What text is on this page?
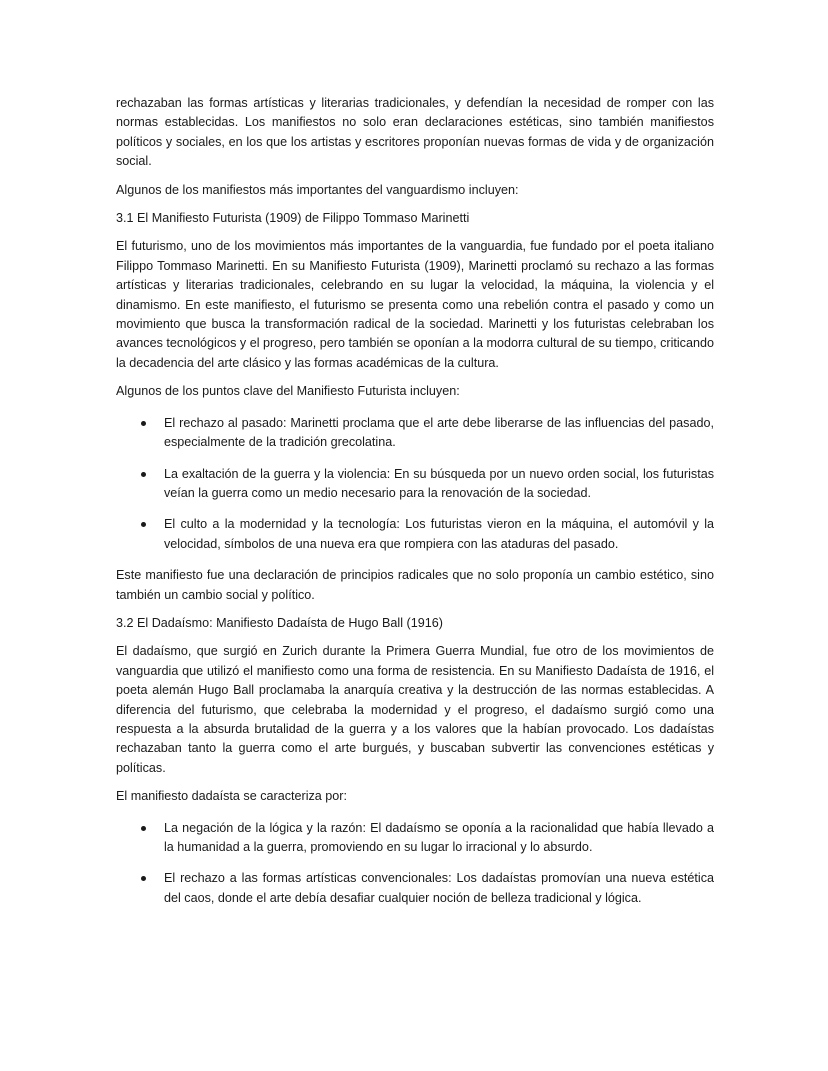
rechazaban las formas artísticas y literarias tradicionales, y defendían la necesidad de romper con las normas establecidas. Los manifiestos no solo eran declaraciones estéticas, sino también manifiestos políticos y sociales, en los que los artistas y escritores proponían nuevas formas de vida y de organización social.

Algunos de los manifiestos más importantes del vanguardismo incluyen:

3.1 El Manifiesto Futurista (1909) de Filippo Tommaso Marinetti

El futurismo, uno de los movimientos más importantes de la vanguardia, fue fundado por el poeta italiano Filippo Tommaso Marinetti. En su Manifiesto Futurista (1909), Marinetti proclamó su rechazo a las formas artísticas y literarias tradicionales, celebrando en su lugar la velocidad, la máquina, la violencia y el dinamismo. En este manifiesto, el futurismo se presenta como una rebelión contra el pasado y como un movimiento que busca la transformación radical de la sociedad. Marinetti y los futuristas celebraban los avances tecnológicos y el progreso, pero también se oponían a la modorra cultural de su tiempo, criticando la decadencia del arte clásico y las formas académicas de la cultura.

Algunos de los puntos clave del Manifiesto Futurista incluyen:

El rechazo al pasado: Marinetti proclama que el arte debe liberarse de las influencias del pasado, especialmente de la tradición grecolatina.
La exaltación de la guerra y la violencia: En su búsqueda por un nuevo orden social, los futuristas veían la guerra como un medio necesario para la renovación de la sociedad.
El culto a la modernidad y la tecnología: Los futuristas vieron en la máquina, el automóvil y la velocidad, símbolos de una nueva era que rompiera con las ataduras del pasado.

Este manifiesto fue una declaración de principios radicales que no solo proponía un cambio estético, sino también un cambio social y político.

3.2 El Dadaísmo: Manifiesto Dadaísta de Hugo Ball (1916)

El dadaísmo, que surgió en Zurich durante la Primera Guerra Mundial, fue otro de los movimientos de vanguardia que utilizó el manifiesto como una forma de resistencia. En su Manifiesto Dadaísta de 1916, el poeta alemán Hugo Ball proclamaba la anarquía creativa y la destrucción de las normas establecidas. A diferencia del futurismo, que celebraba la modernidad y el progreso, el dadaísmo surgió como una respuesta a la absurda brutalidad de la guerra y a los valores que la habían provocado. Los dadaístas rechazaban tanto la guerra como el arte burgués, y buscaban subvertir las convenciones estéticas y políticas.

El manifiesto dadaísta se caracteriza por:

La negación de la lógica y la razón: El dadaísmo se oponía a la racionalidad que había llevado a la humanidad a la guerra, promoviendo en su lugar lo irracional y lo absurdo.
El rechazo a las formas artísticas convencionales: Los dadaístas promovían una nueva estética del caos, donde el arte debía desafiar cualquier noción de belleza tradicional y lógica.
